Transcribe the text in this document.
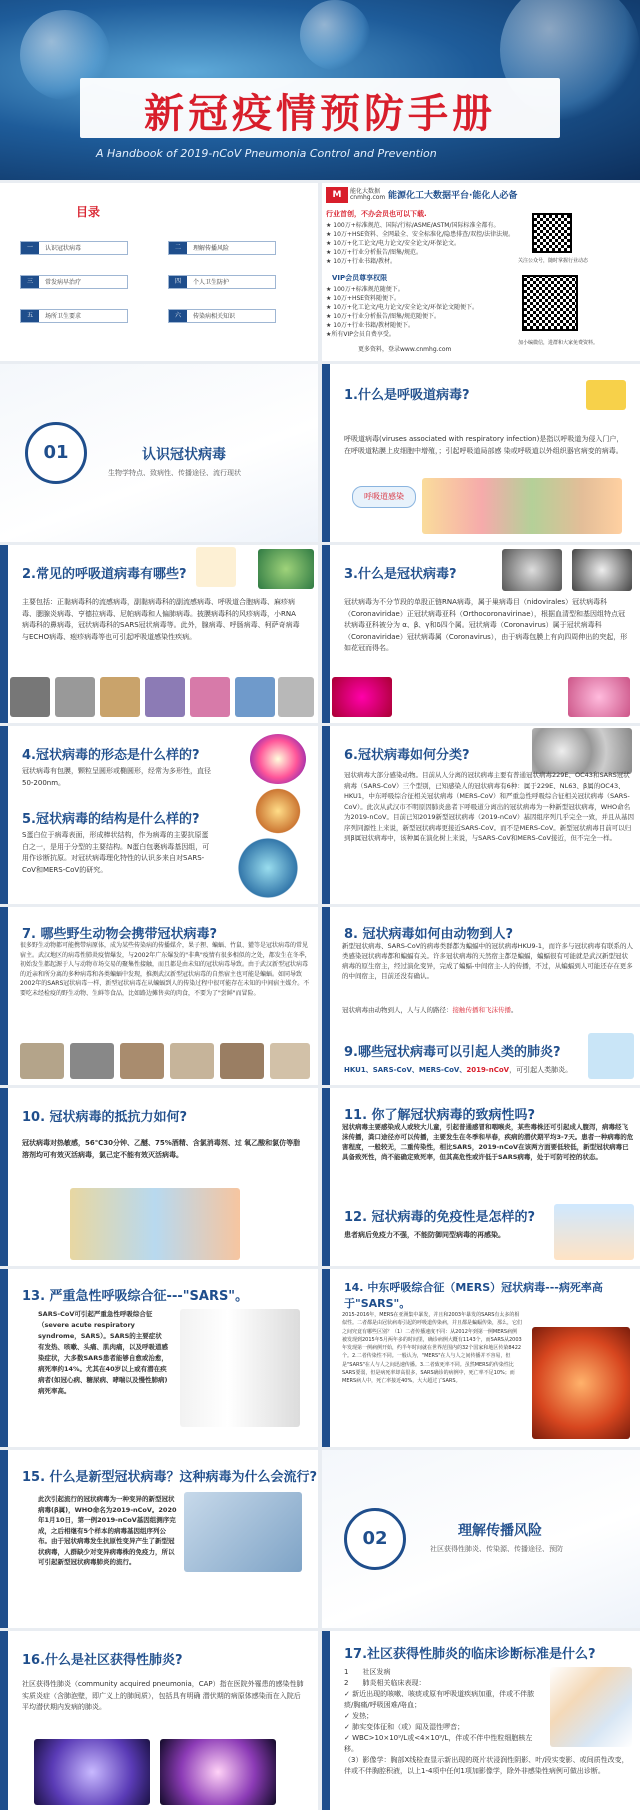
新冠疫情预防手册
A Handbook of 2019-nCoV Pneumonia Control and Prevention
目录
一	认识冠状病毒	二	理解传播风险
三	常发病早治疗	四	个人卫生防护
五	场所卫生要求	六	传染病相关知识
M	能化大数据
cnmhg.com 能源化工大数据平台·能化人必备
行业首创，不办会员也可以下载.
★ 100万+标准规范、国际/行标/ASME/ASTM/国际标准全都有。
★ 10万+HSE资料、全网最全、安全标准化/隐患排查/双控/法律法规。
★ 10万+化工论文/电力论文/安全论文/环保论文。
★ 10万+行业分析报告/图集/规范。
★ 10万+行业书籍/教材。
VIP会员尊享权限
★ 100万+标准规范随便下。
★ 10万+HSE资料随便下。
★ 10万+化工论文/电力论文/安全论文/环保论文随便下。
★ 10万+行业分析报告/图集/规范随便下。
★ 10万+行业书籍/教材随便下。
★所有VIP会员自费享受。
更多资料，登录www.cnmhg.com
关注公众号，随时掌握行业动态
加小编微信，进群和大家免费资料。
01	认识冠状病毒
生物学特点、致病性、传播途径、流行现状
1.什么是呼吸道病毒?
呼吸道病毒(viruses associated with respiratory infection)是指以呼吸道为侵入门户，在呼吸道粘膜上皮细胞中增殖，；引起呼吸道局部感 染或呼吸道以外组织器官病变的病毒。
呼吸道感染
2.常见的呼吸道病毒有哪些?
主要包括：正黏病毒科的流感病毒，副黏病毒科的副流感病毒、呼吸道合胞病毒、麻疹病毒、腮腺炎病毒、亨德拉病毒、尼帕病毒和人偏肺病毒。披膜病毒科的风疹病毒，小RNA病毒科的鼻病毒，冠状病毒科的SARS冠状病毒等。此外，腺病毒、呼肠病毒、柯萨奇病毒与ECHO病毒、疱疹病毒等也可引起呼吸道感染性疾病。
3.什么是冠状病毒?
冠状病毒为不分节段的单股正链RNA病毒，属于巢病毒目（nidovirales）冠状病毒科（Coronaviridae）正冠状病毒亚科（Orthocoronavirinae），根据血清型和基因组特点冠状病毒亚科被分为 α、β、γ和δ四个属。冠状病毒（Coronavirus）属于冠状病毒科（Coronaviridae）冠状病毒属（Coronavirus），由于病毒包膜上有向四周伸出的突起，形如花冠而得名。
4.冠状病毒的形态是什么样的?
冠状病毒有包膜，颗粒呈圆形或椭圆形，经常为多形性，直径50-200nm。
5.冠状病毒的结构是什么样的?
S蛋白位于病毒表面，形成棒状结构，作为病毒的主要抗原蛋白之一，是用于分型的主要结构。N蛋白包裹病毒基因组，可用作诊断抗原。对冠状病毒理化特性的认识多来自对SARS-CoV和MERS-CoV的研究。
6.冠状病毒如何分类?
冠状病毒大部分感染动物。目前从人分离的冠状病毒主要有普通冠状病毒229E、OC43和SARS冠状病毒（SARS-CoV）三个型别，已知感染人的冠状病毒有6种：属于229E、NL63、β属的OC43、HKU1，中东呼吸综合征相关冠状病毒（MERS-CoV）和严重急性呼吸综合征相关冠状病毒（SARS-CoV）。此次从武汉市不明原因肺炎患者下呼吸道分离出的冠状病毒为一种新型冠状病毒，WHO命名为2019-nCoV。目前已知2019新型冠状病毒（2019-nCoV）基因组序列几乎完全一致，并且从基因序列同源性上来说，新型冠状病毒更接近SARS-CoV。而不是MERS-CoV。新型冠状病毒目前可以归到β属冠状病毒中，该种属在演化树上来说，与SARS-CoV和MERS-CoV接近，但不完全一样。
7. 哪些野生动物会携带冠状病毒?
很多野生动物都可能携带病原体，成为某些传染病的传播媒介，果子狸、蝙蝠、竹鼠、獾等是冠状病毒的常见宿主。武汉地区的病毒性肺炎疫情爆发，与2002年广东爆发的"非典"疫情有很多相似的之处，都发生在冬季，初始发生都起源于人与动物市场交易的聚集性接触，而且都是由未知的冠状病毒导致。由于武汉新型冠状病毒的近亲和所分离的多种病毒和各类蝙蝠中发现，推测武汉新型冠状病毒的自然宿主也可能是蝙蝠。如同导致2002年的SARS冠状病毒一样，新型冠状病毒在从蝙蝠到人的传染过程中很可能存在未知的中间宿主媒介。不要吃未经检疫的野生动物、生鲜等食品，比如路边摊售卖的肉食，不要为了"尝鲜"而冒险。
8. 冠状病毒如何由动物到人?
新型冠状病毒、SARS-CoV的病毒类群都为蝙蝠中的冠状病毒HKU9-1，而许多与冠状病毒有联系的人类感染冠状病毒都和蝙蝠有关。许多冠状病毒的天然宿主都是蝙蝠，蝙蝠很有可能就是武汉新型冠状病毒的原生宿主，经过演化变异，完成了蝙蝠-中间宿主-人的传播，不过，从蝙蝠到人可能还存在更多的中间宿主，目前还没有确认。
冠状病毒由动物到人，人与人的路径：接触传播和飞沫传播。
9.哪些冠状病毒可以引起人类的肺炎?
HKU1、SARS-CoV、MERS-CoV、2019-nCoV，可引起人类肺炎。
10. 冠状病毒的抵抗力如何?
冠状病毒对热敏感，56℃30分钟、乙醚、75%酒精、含氯消毒剂、过 氧乙酸和氯仿等脂溶剂均可有效灭活病毒，氯己定不能有效灭活病毒。
11. 你了解冠状病毒的致病性吗?
冠状病毒主要感染成人或较大儿童，引起普通感冒和咽喉炎，某些毒株还可引起成人腹泻，病毒经飞沫传播，粪口途径亦可以传播，主要发生在冬季和早春，疾病的潜伏期平均3-7天。患者一种病毒的危害程度，一般较无，二重传染性，相比SARS，2019-nCoV在该两方面要低较低，新型冠状病毒已具备致死性，尚不能确定致死率，但其高危性或许低于SARS病毒，处于可防可控的状态。
12. 冠状病毒的免疫性是怎样的?
患者病后免疫力不强，不能防御同型病毒的再感染。
13. 严重急性呼吸综合征---"SARS"。
SARS-CoV可引起严重急性呼吸综合征（severe acute respiratory syndrome，SARS）。SARS的主要症状有发热、咳嗽、头痛、肌肉痛，以及呼吸道感染症状，大多数SARS患者能够自愈或治愈，病死率约14%。尤其在40岁以上或有潜在疾病者(如冠心病、糖尿病、哮喘以及慢性肺病)病死率高。
14. 中东呼吸综合征（MERS）冠状病毒---病死率高于"SARS"。
2015-2016年，MERS在亚洲集中暴发，并且和2003年暴发的SARS有太多的相似性。二者都是由冠状病毒引起的呼吸道传染病，并且都是蝙蝠传染，那么，它们之间究竟有哪些区别？（1）二者传播速度不同：从2012年到第一例MERS病例被发现到2015年5月两年多的时间里，确诊病例大概有1143个，而SARS从2003年发现第一例病例开始，约半年时间就在世界范围内的32个国家和地区传染8422个。2.二者传染性不同。一般认为，"MERS"在人与人之间传播并不容易，但是"SARS"在人与人之间迅速传播。3.二者致死率不同。虽然MERS的传染性比SARS要弱，但是病死率却高很多，SARS确诊的病例中，死亡率不足10%；而MERS病人中，死亡率接近40%，大大超过了SARS。
15. 什么是新型冠状病毒？这种病毒为什么会流行?
此次引起流行的冠状病毒为一种变异的新型冠状病毒(β属)，WHO命名为2019-nCoV。2020年1月10日，第一例2019-nCoV基因组测序完成，之后相继有5个样本的病毒基因组序列公布。由于冠状病毒发生抗原性变异产生了新型冠状病毒，人群缺少对变异病毒株的免疫力，所以可引起新型冠状病毒肺炎的流行。
02	理解传播风险
社区获得性肺炎、传染源、传播途径、预防
16.什么是社区获得性肺炎?
社区获得性肺炎（community acquired pneumonia，CAP）指在医院外罹患的感染性肺实质炎症（含肺泡壁，即广义上的肺间质），包括具有明确 潜伏期的病原体感染而在入院后平均潜伏期内发病的肺炎。
17.社区获得性肺炎的临床诊断标准是什么?
1　　社区发病
2　　肺炎相关临床表现：
✓ 新近出现的咳嗽、咳痰或原有呼吸道疾病加重，伴或不伴脓痰/胸痛/呼吸困难/咯血；
✓ 发热；
✓ 肺实变体征和（或）闻及湿性啰音；
✓ WBC>10×10⁹/L或<4×10⁹/L，伴或不伴中性粒细胞核左移。
（3）影像学：胸部X线检查显示新出现的斑片状浸润性阴影、叶/段实变影、或间质性改变，伴或不伴胸腔积液，以上1-4项中任何1项加影像学，除外非感染性病例可做出诊断。
